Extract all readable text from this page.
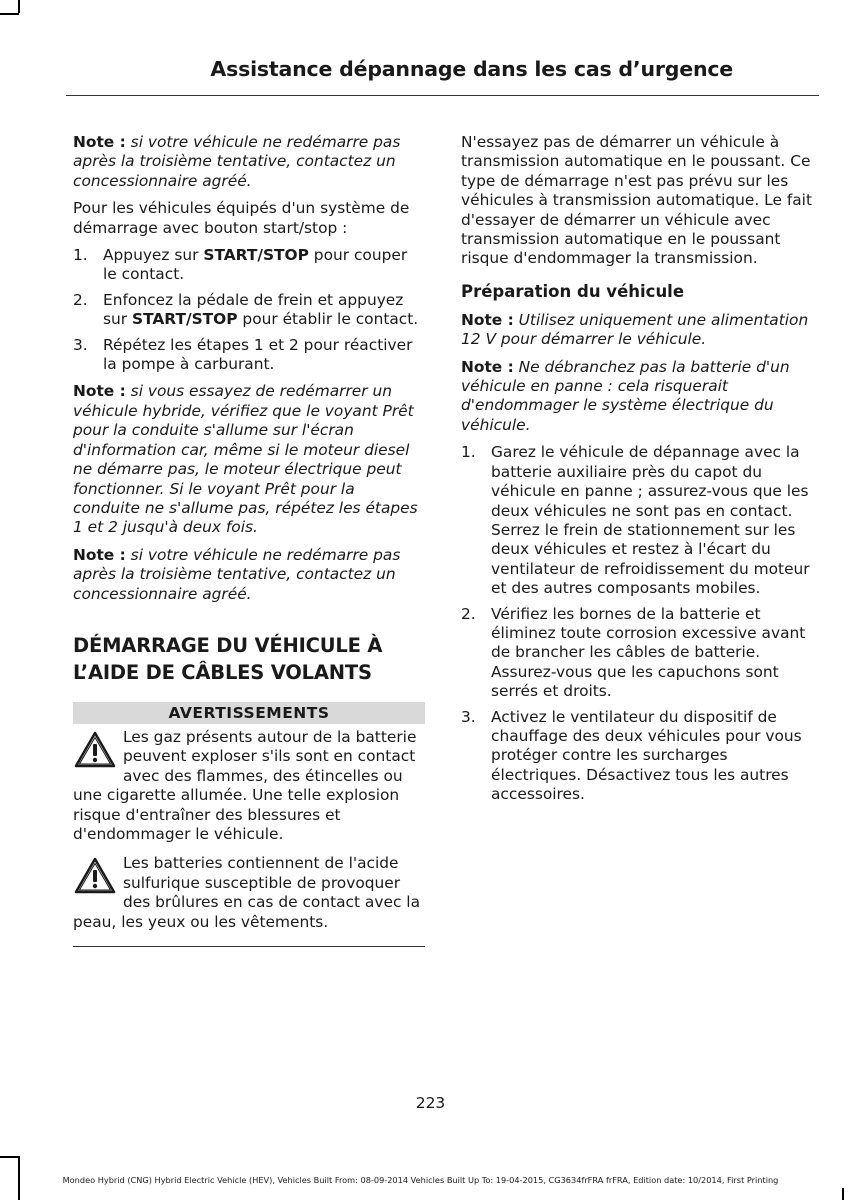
Assistance dépannage dans les cas d’urgence

Note : si votre véhicule ne redémarre pas après la troisième tentative, contactez un concessionnaire agréé.

Pour les véhicules équipés d'un système de démarrage avec bouton start/stop :

1. Appuyez sur START/STOP pour couper le contact.
2. Enfoncez la pédale de frein et appuyez sur START/STOP pour établir le contact.
3. Répétez les étapes 1 et 2 pour réactiver la pompe à carburant.

Note : si vous essayez de redémarrer un véhicule hybride, vérifiez que le voyant Prêt pour la conduite s'allume sur l'écran d'information car, même si le moteur diesel ne démarre pas, le moteur électrique peut fonctionner. Si le voyant Prêt pour la conduite ne s'allume pas, répétez les étapes 1 et 2 jusqu'à deux fois.

Note : si votre véhicule ne redémarre pas après la troisième tentative, contactez un concessionnaire agréé.

DÉMARRAGE DU VÉHICULE À
L’AIDE DE CÂBLES VOLANTS
AVERTISSEMENTS
Les gaz présents autour de la batterie peuvent exploser s'ils sont en contact avec des flammes, des étincelles ou une cigarette allumée. Une telle explosion risque d'entraîner des blessures et d'endommager le véhicule.
Les batteries contiennent de l'acide sulfurique susceptible de provoquer des brûlures en cas de contact avec la peau, les yeux ou les vêtements.

N'essayez pas de démarrer un véhicule à transmission automatique en le poussant. Ce type de démarrage n'est pas prévu sur les véhicules à transmission automatique. Le fait d'essayer de démarrer un véhicule avec transmission automatique en le poussant risque d'endommager la transmission.

Préparation du véhicule

Note : Utilisez uniquement une alimentation 12 V pour démarrer le véhicule.

Note : Ne débranchez pas la batterie d'un véhicule en panne : cela risquerait d'endommager le système électrique du véhicule.

1. Garez le véhicule de dépannage avec la batterie auxiliaire près du capot du véhicule en panne ; assurez-vous que les deux véhicules ne sont pas en contact. Serrez le frein de stationnement sur les deux véhicules et restez à l'écart du ventilateur de refroidissement du moteur et des autres composants mobiles.
2. Vérifiez les bornes de la batterie et éliminez toute corrosion excessive avant de brancher les câbles de batterie. Assurez-vous que les capuchons sont serrés et droits.
3. Activez le ventilateur du dispositif de chauffage des deux véhicules pour vous protéger contre les surcharges électriques. Désactivez tous les autres accessoires.
223
Mondeo Hybrid (CNG) Hybrid Electric Vehicle (HEV), Vehicles Built From: 08-09-2014 Vehicles Built Up To: 19-04-2015, CG3634frFRA frFRA, Edition date: 10/2014, First Printing
